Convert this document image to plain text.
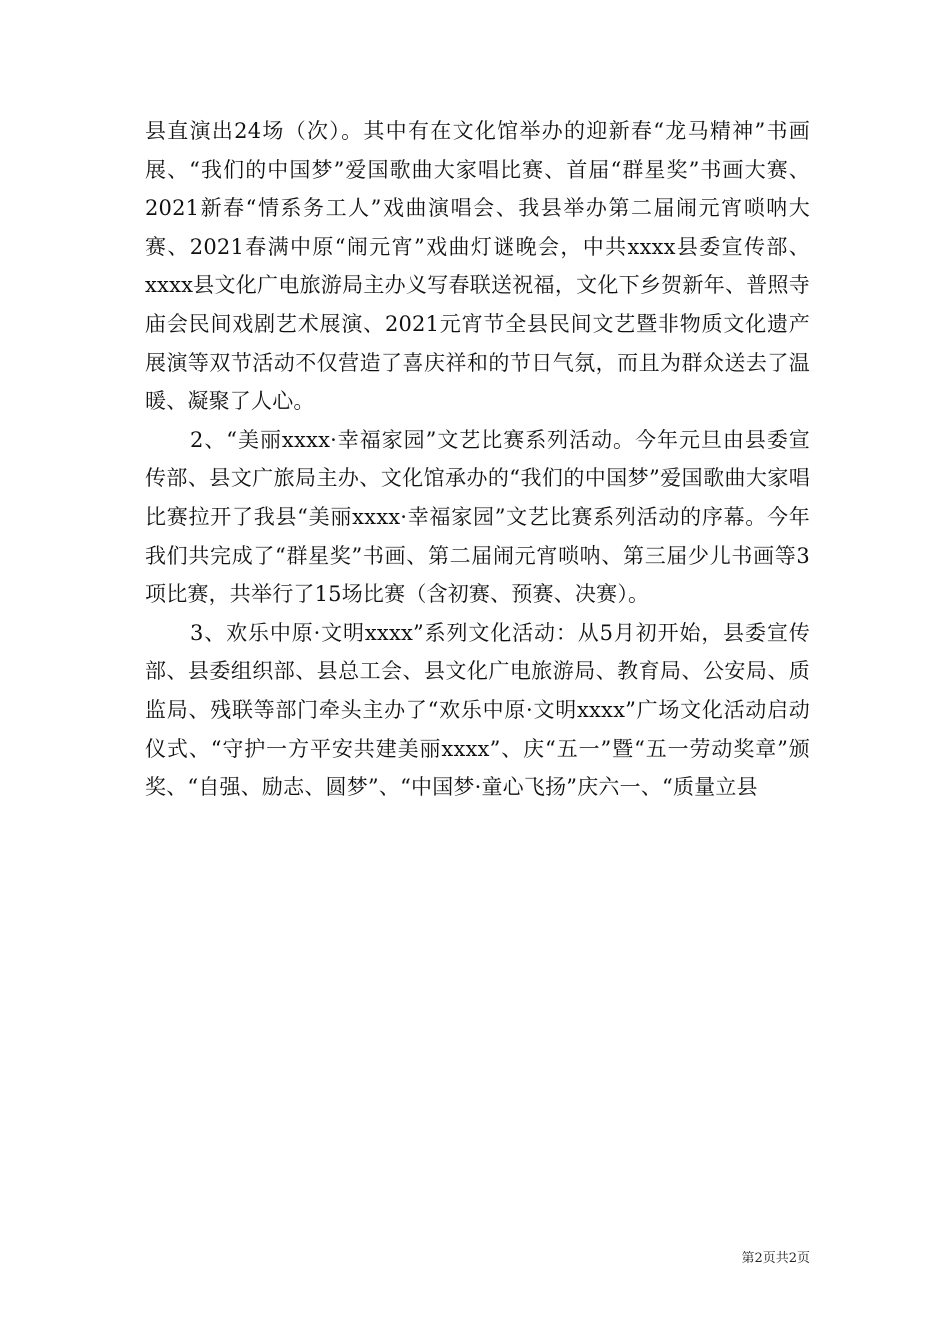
县直演出24场（次）。其中有在文化馆举办的迎新春“龙马精神”书画展、“我们的中国梦”爱国歌曲大家唱比赛、首届“群星奖”书画大赛、2021新春“情系务工人”戏曲演唱会、我县举办第二届闹元宵唢呐大赛、2021春满中原“闹元宵”戏曲灯谜晚会，中共xxxx县委宣传部、xxxx县文化广电旅游局主办义写春联送祝福，文化下乡贺新年、普照寺庙会民间戏剧艺术展演、2021元宵节全县民间文艺暨非物质文化遗产展演等双节活动不仅营造了喜庆祥和的节日气氛，而且为群众送去了温暖、凝聚了人心。

2、“美丽xxxx·幸福家园”文艺比赛系列活动。今年元旦由县委宣传部、县文广旅局主办、文化馆承办的“我们的中国梦”爱国歌曲大家唱比赛拉开了我县“美丽xxxx·幸福家园”文艺比赛系列活动的序幕。今年我们共完成了“群星奖”书画、第二届闹元宵唢呐、第三届少儿书画等3项比赛，共举行了15场比赛（含初赛、预赛、决赛）。

3、欢乐中原·文明xxxx”系列文化活动：从5月初开始，县委宣传部、县委组织部、县总工会、县文化广电旅游局、教育局、公安局、质监局、残联等部门牵头主办了“欢乐中原·文明xxxx”广场文化活动启动仪式、“守护一方平安共建美丽xxxx”、庆“五一”暨“五一劳动奖章”颁奖、“自强、励志、圆梦”、“中国梦·童心飞扬”庆六一、“质量立县

第2页共2页
